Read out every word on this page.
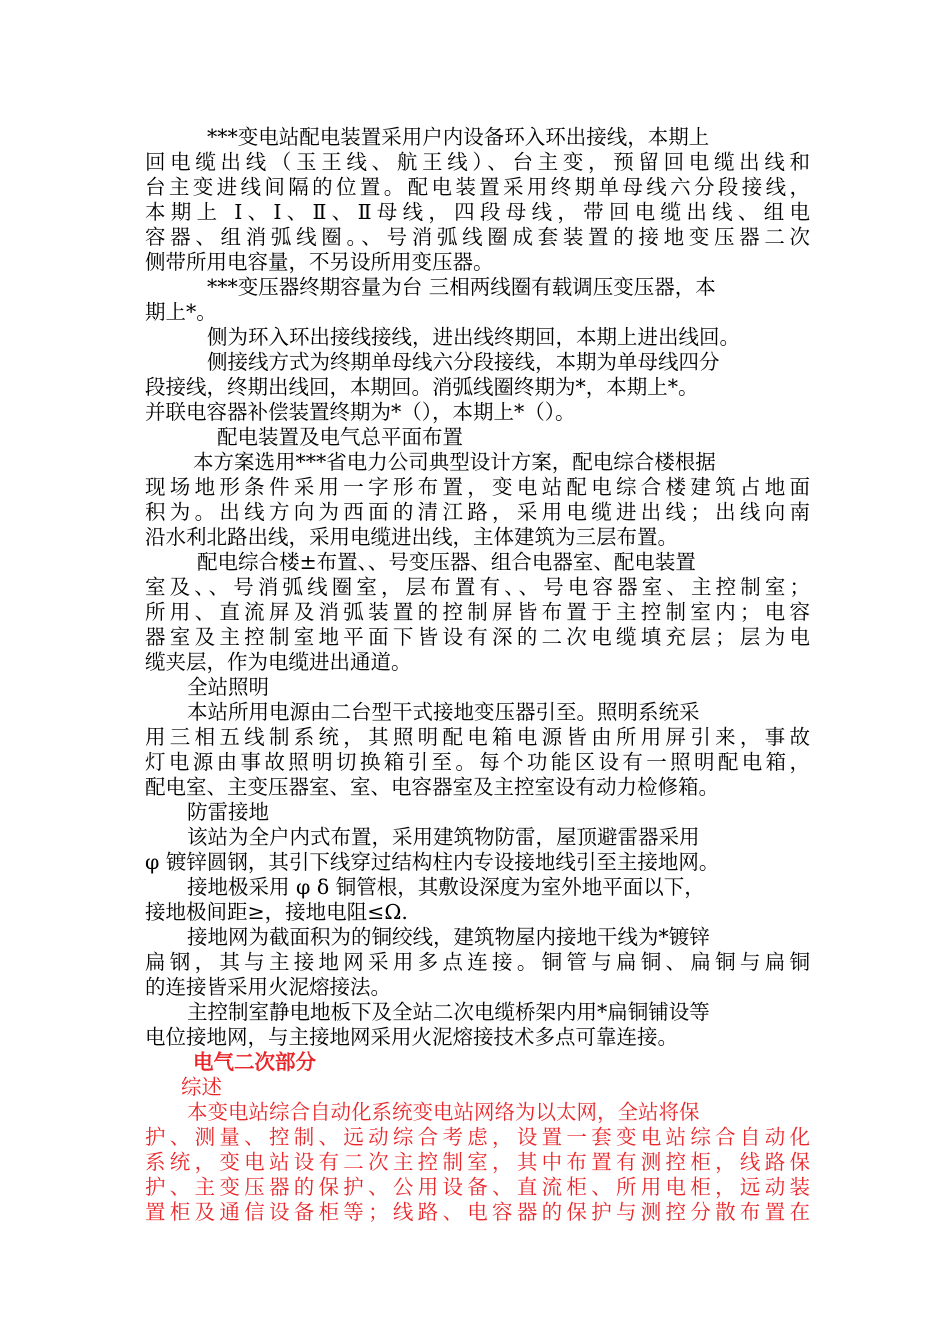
***变电站配电装置采用户内设备环入环出接线，本期上
回电缆出线（玉王线、航王线）、台主变，预留回电缆出线和
台主变进线间隔的位置。配电装置采用终期单母线六分段接线，
本期上 Ⅰ、Ⅰ、Ⅱ、Ⅱ母线，四段母线，带回电缆出线、组电
容器、组消弧线圈。、号消弧线圈成套装置的接地变压器二次
侧带所用电容量，不另设所用变压器。
***变压器终期容量为台 三相两线圈有载调压变压器，本
期上*。
侧为环入环出接线接线，进出线终期回，本期上进出线回。
侧接线方式为终期单母线六分段接线，本期为单母线四分
段接线，终期出线回，本期回。消弧线圈终期为*，本期上*。
并联电容器补偿装置终期为*（），本期上*（）。
配电装置及电气总平面布置
本方案选用***省电力公司典型设计方案，配电综合楼根据
现场地形条件采用一字形布置，变电站配电综合楼建筑占地面
积为。出线方向为西面的清江路，采用电缆进出线；出线向南
沿水利北路出线，采用电缆进出线，主体建筑为三层布置。
配电综合楼±布置、、号变压器、组合电器室、配电装置
室及、、号消弧线圈室，层布置有、、号电容器室、主控制室；
所用、直流屏及消弧装置的控制屏皆布置于主控制室内；电容
器室及主控制室地平面下皆设有深的二次电缆填充层；层为电
缆夹层，作为电缆进出通道。
全站照明
本站所用电源由二台型干式接地变压器引至。照明系统采
用三相五线制系统，其照明配电箱电源皆由所用屏引来，事故
灯电源由事故照明切换箱引至。每个功能区设有一照明配电箱，
配电室、主变压器室、室、电容器室及主控室设有动力检修箱。
防雷接地
该站为全户内式布置，采用建筑物防雷，屋顶避雷器采用
φ 镀锌圆钢，其引下线穿过结构柱内专设接地线引至主接地网。
接地极采用 φ δ 铜管根，其敷设深度为室外地平面以下，
接地极间距≥，接地电阻≤Ω.
接地网为截面积为的铜绞线，建筑物屋内接地干线为*镀锌
扁钢，其与主接地网采用多点连接。铜管与扁铜、扁铜与扁铜
的连接皆采用火泥熔接法。
主控制室静电地板下及全站二次电缆桥架内用*扁铜铺设等
电位接地网，与主接地网采用火泥熔接技术多点可靠连接。
电气二次部分
综述
本变电站综合自动化系统变电站网络为以太网，全站将保
护、测量、控制、远动综合考虑，设置一套变电站综合自动化
系统，变电站设有二次主控制室，其中布置有测控柜，线路保
护、主变压器的保护、公用设备、直流柜、所用电柜，远动装
置柜及通信设备柜等；线路、电容器的保护与测控分散布置在
